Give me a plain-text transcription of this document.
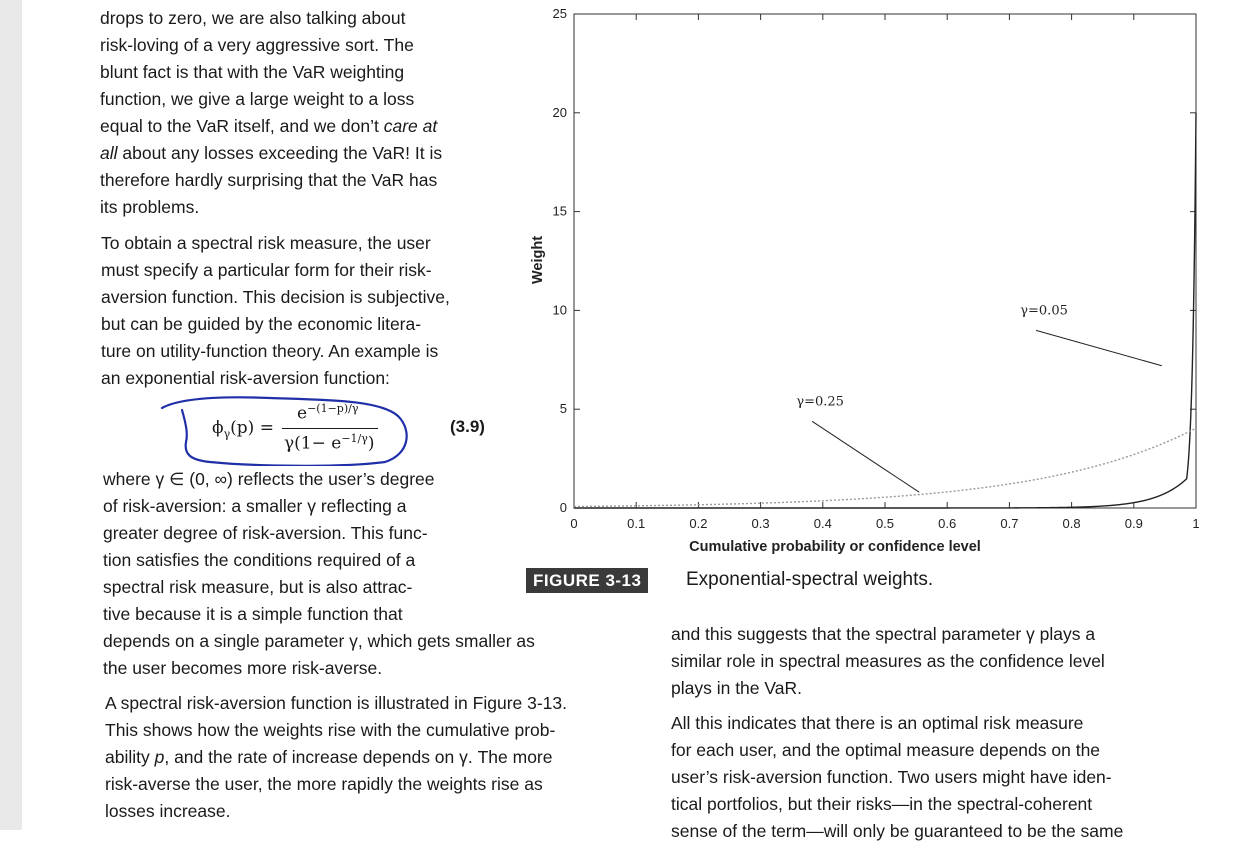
drops to zero, we are also talking about
risk-loving of a very aggressive sort. The
blunt fact is that with the VaR weighting
function, we give a large weight to a loss
equal to the VaR itself, and we don’t care at
all about any losses exceeding the VaR! It is
therefore hardly surprising that the VaR has
its problems.

To obtain a spectral risk measure, the user
must specify a particular form for their risk-
aversion function. This decision is subjective,
but can be guided by the economic litera-
ture on utility-function theory. An example is
an exponential risk-aversion function:

$\phi_\gamma(p)$ =
$e^{-(1-p)/\gamma}$
$\gamma(1- e^{-1/\gamma})$
(3.9)

where γ ∈ (0, ∞) reflects the user’s degree
of risk-aversion: a smaller γ reflecting a
greater degree of risk-aversion. This func-
tion satisfies the conditions required of a
spectral risk measure, but is also attrac-
tive because it is a simple function that
depends on a single parameter γ, which gets smaller as
the user becomes more risk-averse.

A spectral risk-aversion function is illustrated in Figure 3-13.
This shows how the weights rise with the cumulative prob-
ability p, and the rate of increase depends on γ. The more
risk-averse the user, the more rapidly the weights rise as
losses increase.

and this suggests that the spectral parameter γ plays a
similar role in spectral measures as the confidence level
plays in the VaR.

All this indicates that there is an optimal risk measure
for each user, and the optimal measure depends on the
user’s risk-aversion function. Two users might have iden-
tical portfolios, but their risks—in the spectral-coherent
sense of the term—will only be guaranteed to be the same

0	0.1	0.2	0.3	0.4	0.5	0.6	0.7	0.8	0.9	1
0
5
10
15
20
25
Cumulative probability or confidence level
Weight
γ=0.05
γ=0.25
FIGURE 3-13	Exponential-spectral weights.
